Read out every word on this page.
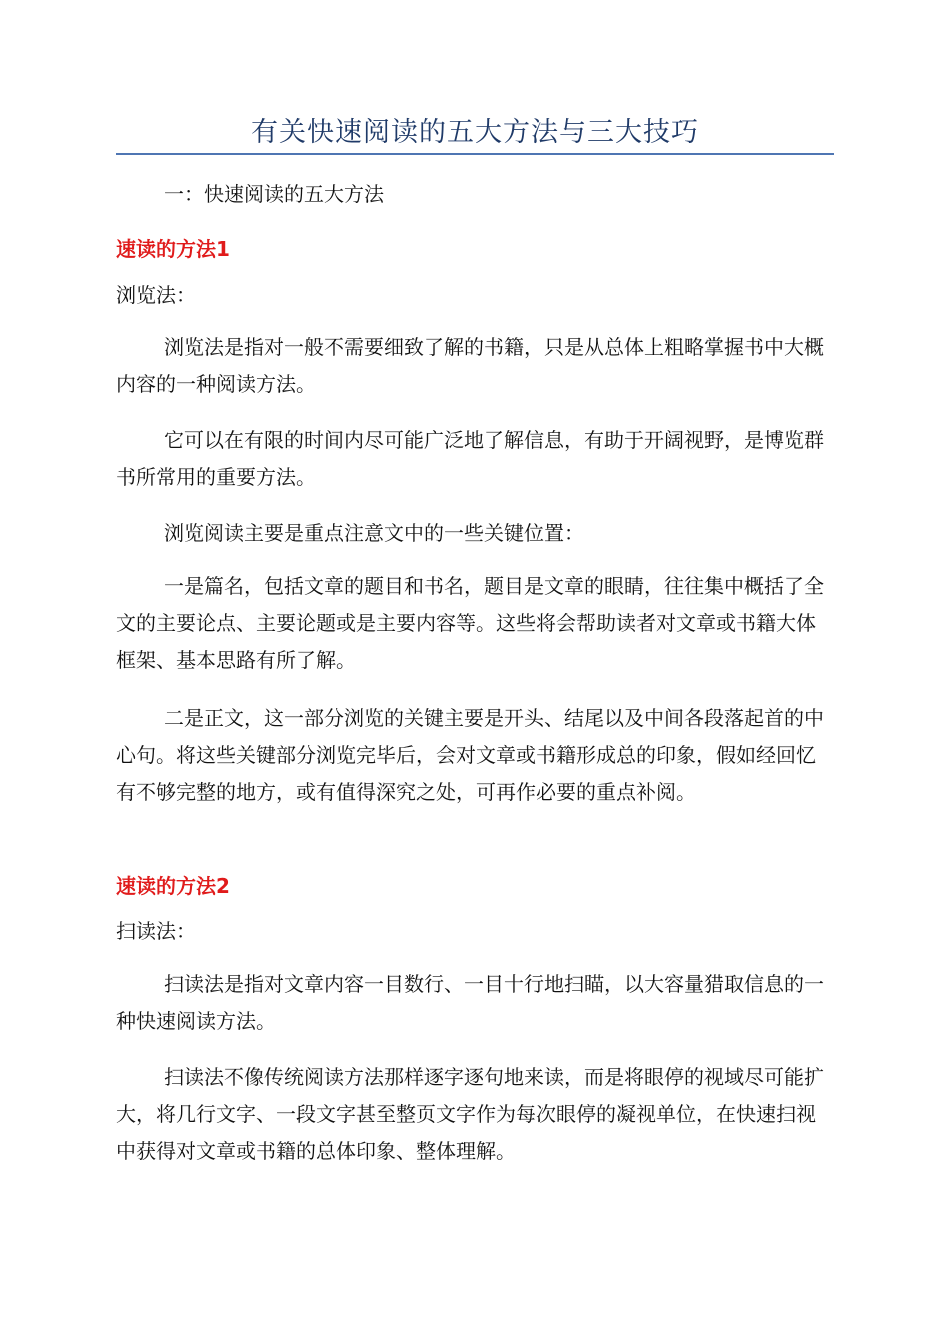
有关快速阅读的五大方法与三大技巧

一：快速阅读的五大方法

速读的方法1

浏览法：

浏览法是指对一般不需要细致了解的书籍，只是从总体上粗略掌握书中大概内容的一种阅读方法。

它可以在有限的时间内尽可能广泛地了解信息，有助于开阔视野，是博览群书所常用的重要方法。

浏览阅读主要是重点注意文中的一些关键位置：

一是篇名，包括文章的题目和书名，题目是文章的眼睛，往往集中概括了全文的主要论点、主要论题或是主要内容等。这些将会帮助读者对文章或书籍大体框架、基本思路有所了解。

二是正文，这一部分浏览的关键主要是开头、结尾以及中间各段落起首的中心句。将这些关键部分浏览完毕后，会对文章或书籍形成总的印象，假如经回忆有不够完整的地方，或有值得深究之处，可再作必要的重点补阅。

速读的方法2

扫读法：

扫读法是指对文章内容一目数行、一目十行地扫瞄，以大容量猎取信息的一种快速阅读方法。

扫读法不像传统阅读方法那样逐字逐句地来读，而是将眼停的视域尽可能扩大，将几行文字、一段文字甚至整页文字作为每次眼停的凝视单位，在快速扫视中获得对文章或书籍的总体印象、整体理解。
